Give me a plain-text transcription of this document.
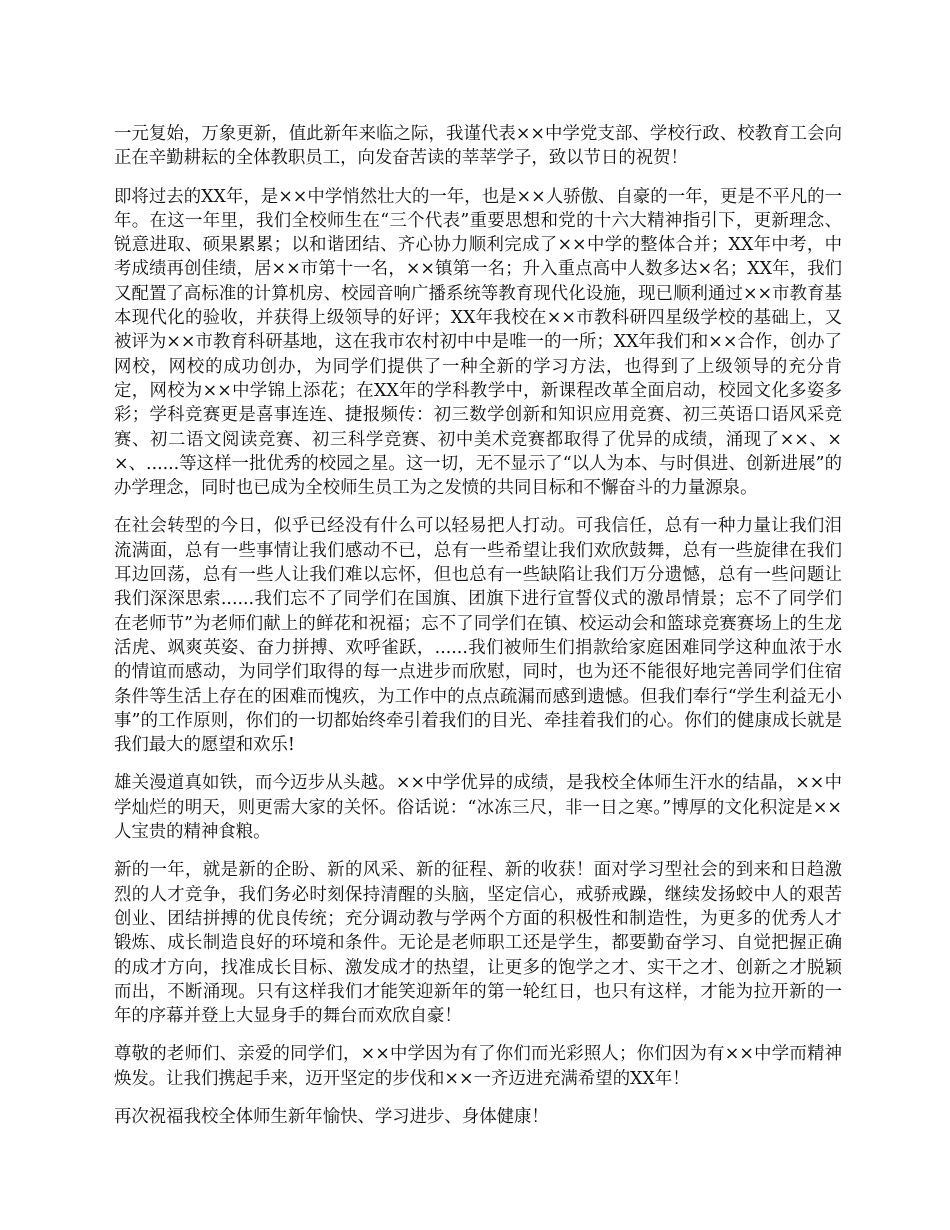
一元复始，万象更新，值此新年来临之际，我谨代表××中学党支部、学校行政、校教育工会向正在辛勤耕耘的全体教职员工，向发奋苦读的莘莘学子，致以节日的祝贺！

即将过去的XX年，是××中学悄然壮大的一年，也是××人骄傲、自豪的一年，更是不平凡的一年。在这一年里，我们全校师生在“三个代表”重要思想和党的十六大精神指引下，更新理念、锐意进取、硕果累累；以和谐团结、齐心协力顺利完成了××中学的整体合并；XX年中考，中考成绩再创佳绩，居××市第十一名，××镇第一名；升入重点高中人数多达×名；XX年，我们又配置了高标准的计算机房、校园音响广播系统等教育现代化设施，现已顺利通过××市教育基本现代化的验收，并获得上级领导的好评；XX年我校在××市教科研四星级学校的基础上，又被评为××市教育科研基地，这在我市农村初中中是唯一的一所；XX年我们和××合作，创办了网校，网校的成功创办，为同学们提供了一种全新的学习方法，也得到了上级领导的充分肯定，网校为××中学锦上添花；在XX年的学科教学中，新课程改革全面启动，校园文化多姿多彩；学科竞赛更是喜事连连、捷报频传：初三数学创新和知识应用竞赛、初三英语口语风采竞赛、初二语文阅读竞赛、初三科学竞赛、初中美术竞赛都取得了优异的成绩，涌现了××、××、......等这样一批优秀的校园之星。这一切，无不显示了“以人为本、与时俱进、创新进展”的办学理念，同时也已成为全校师生员工为之发愤的共同目标和不懈奋斗的力量源泉。

在社会转型的今日，似乎已经没有什么可以轻易把人打动。可我信任，总有一种力量让我们泪流满面，总有一些事情让我们感动不已，总有一些希望让我们欢欣鼓舞，总有一些旋律在我们耳边回荡，总有一些人让我们难以忘怀，但也总有一些缺陷让我们万分遗憾，总有一些问题让我们深深思索......我们忘不了同学们在国旗、团旗下进行宣誓仪式的激昂情景；忘不了同学们在老师节”为老师们献上的鲜花和祝福；忘不了同学们在镇、校运动会和篮球竞赛赛场上的生龙活虎、飒爽英姿、奋力拼搏、欢呼雀跃，......我们被师生们捐款给家庭困难同学这种血浓于水的情谊而感动，为同学们取得的每一点进步而欣慰，同时，也为还不能很好地完善同学们住宿条件等生活上存在的困难而愧疚，为工作中的点点疏漏而感到遗憾。但我们奉行“学生利益无小事”的工作原则，你们的一切都始终牵引着我们的目光、牵挂着我们的心。你们的健康成长就是我们最大的愿望和欢乐!

雄关漫道真如铁，而今迈步从头越。××中学优异的成绩，是我校全体师生汗水的结晶，××中学灿烂的明天，则更需大家的关怀。俗话说：“冰冻三尺，非一日之寒。”博厚的文化积淀是××人宝贵的精神食粮。

新的一年，就是新的企盼、新的风采、新的征程、新的收获！面对学习型社会的到来和日趋激烈的人才竞争，我们务必时刻保持清醒的头脑，坚定信心，戒骄戒躁，继续发扬蛟中人的艰苦创业、团结拼搏的优良传统；充分调动教与学两个方面的积极性和制造性，为更多的优秀人才锻炼、成长制造良好的环境和条件。无论是老师职工还是学生，都要勤奋学习、自觉把握正确的成才方向，找准成长目标、激发成才的热望，让更多的饱学之才、实干之才、创新之才脱颖而出，不断涌现。只有这样我们才能笑迎新年的第一轮红日，也只有这样，才能为拉开新的一年的序幕并登上大显身手的舞台而欢欣自豪！

尊敬的老师们、亲爱的同学们，××中学因为有了你们而光彩照人；你们因为有××中学而精神焕发。让我们携起手来，迈开坚定的步伐和××一齐迈进充满希望的XX年！

再次祝福我校全体师生新年愉快、学习进步、身体健康！
